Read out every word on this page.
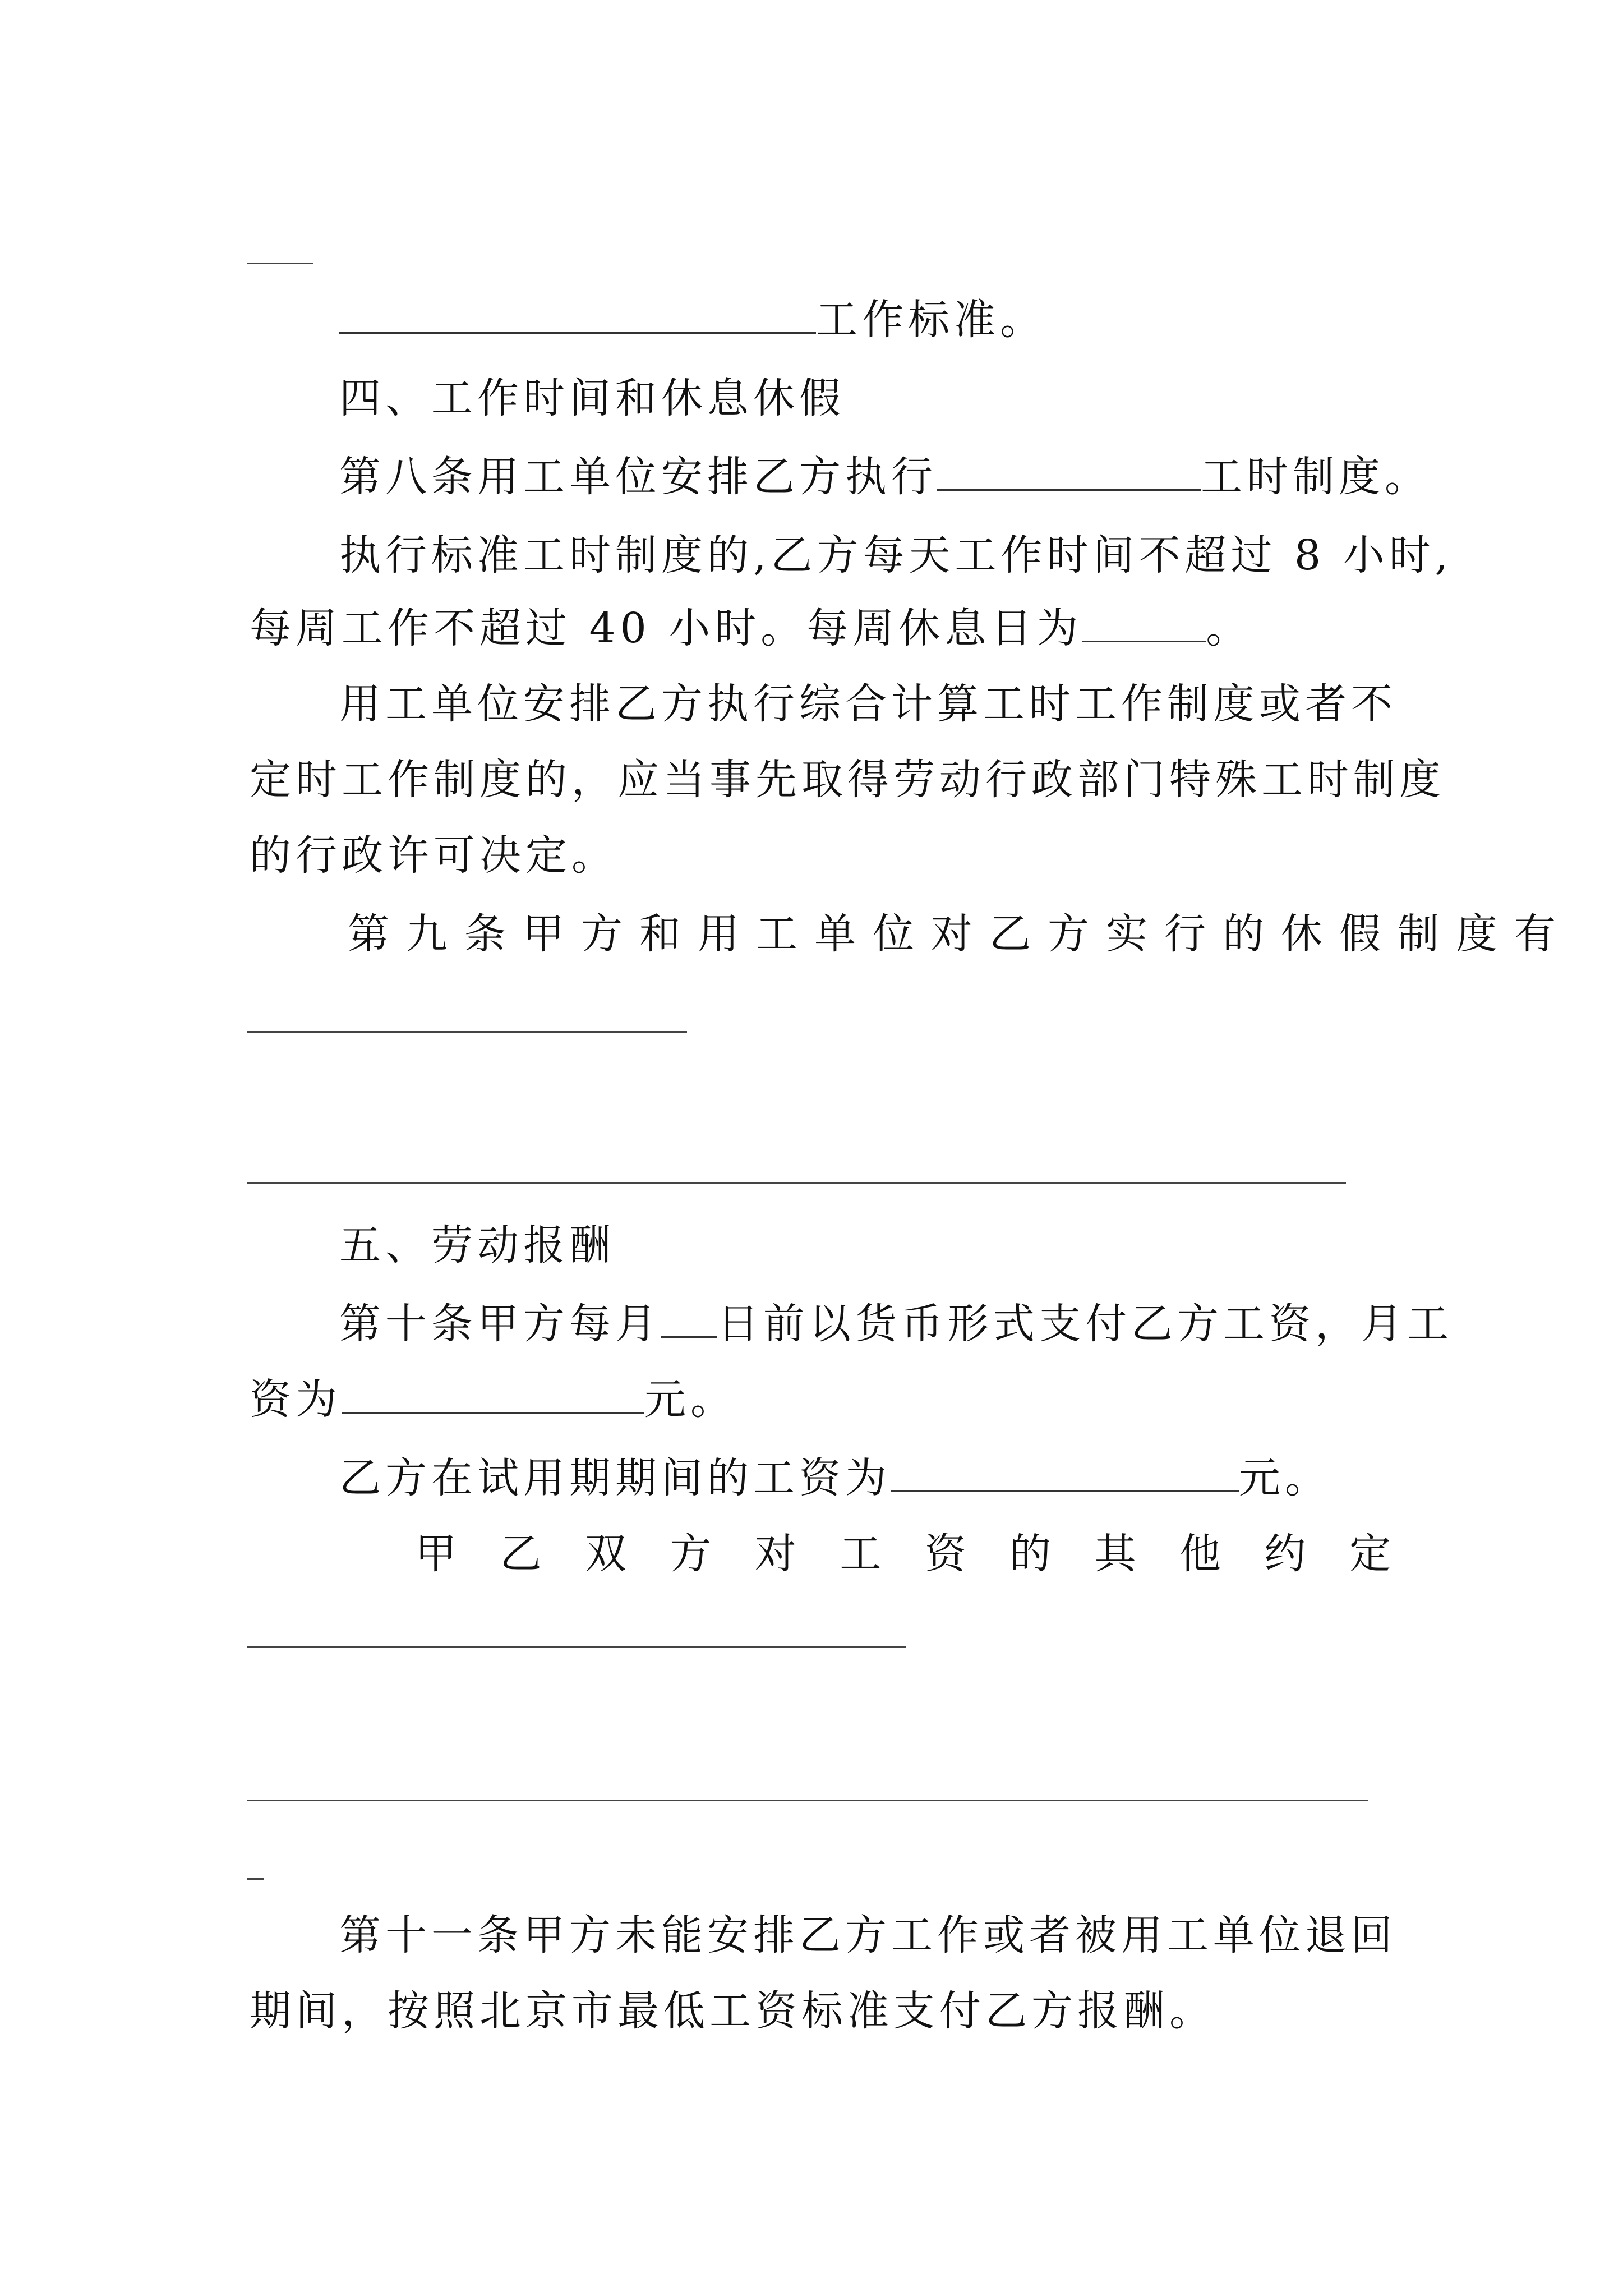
工作标准。
四、工作时间和休息休假
第八条用工单位安排乙方执行	工时制度。
执行标准工时制度的,乙方每天工作时间不超过 8 小时,
每周工作不超过 40 小时。每周休息日为	。
用工单位安排乙方执行综合计算工时工作制度或者不
定时工作制度的，应当事先取得劳动行政部门特殊工时制度
的行政许可决定。
第九条甲方和用工单位对乙方实行的休假制度有
五、劳动报酬
第十条甲方每月 日前以货币形式支付乙方工资，月工
资为	元。
乙方在试用期期间的工资为	元。
甲 乙 双 方 对 工 资 的 其 他 约 定
第十一条甲方未能安排乙方工作或者被用工单位退回
期间，按照北京市最低工资标准支付乙方报酬。
